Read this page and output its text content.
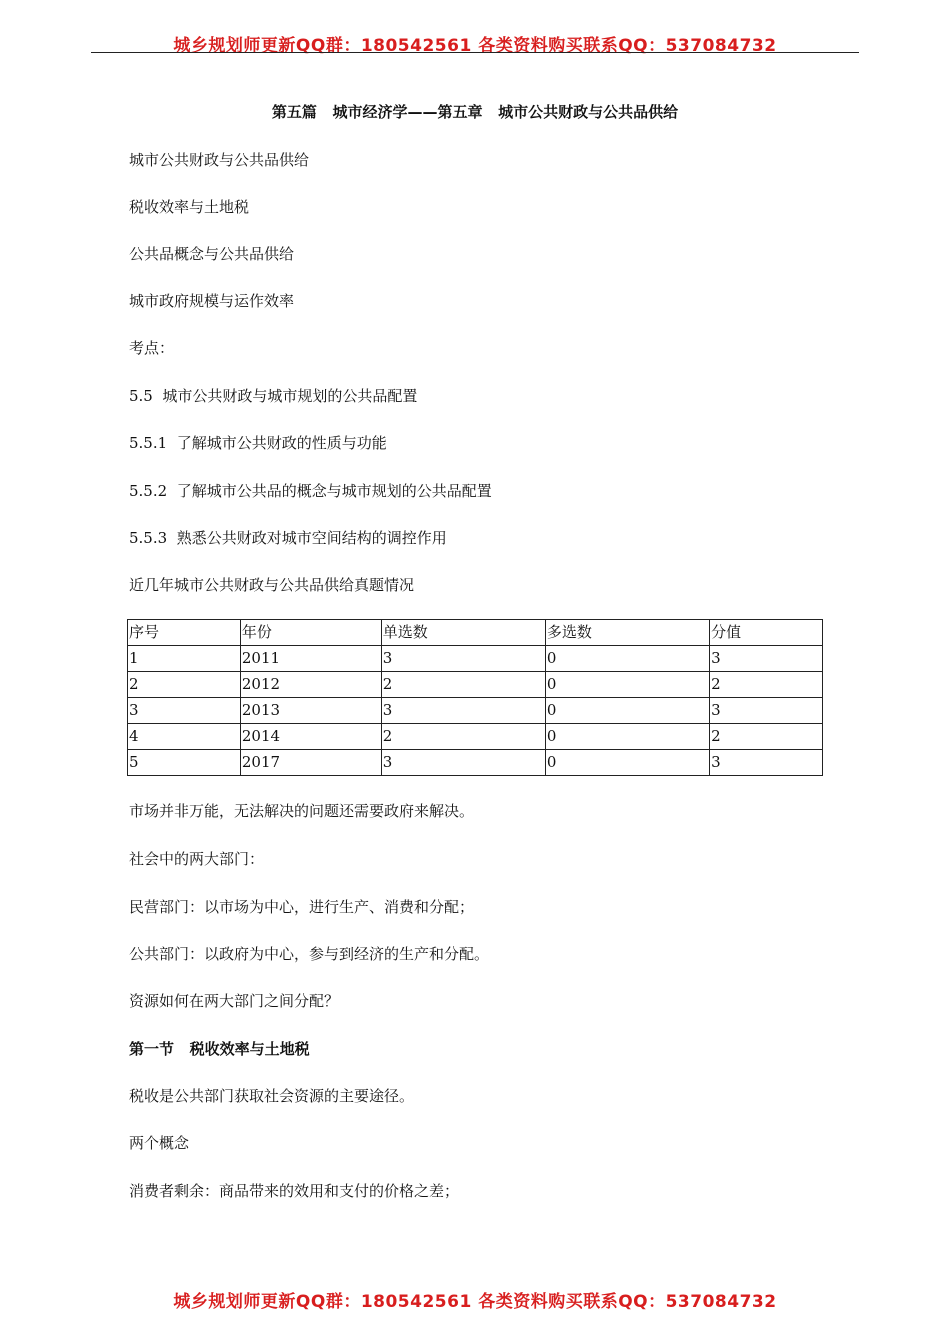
城乡规划师更新QQ群：180542561 各类资料购买联系QQ：537084732
第五篇   城市经济学——第五章   城市公共财政与公共品供给
城市公共财政与公共品供给
税收效率与土地税
公共品概念与公共品供给
城市政府规模与运作效率
考点：
5.5  城市公共财政与城市规划的公共品配置
5.5.1  了解城市公共财政的性质与功能
5.5.2  了解城市公共品的概念与城市规划的公共品配置
5.5.3  熟悉公共财政对城市空间结构的调控作用
近几年城市公共财政与公共品供给真题情况
序号	年份	单选数	多选数	分值
1	2011	3	0	3
2	2012	2	0	2
3	2013	3	0	3
4	2014	2	0	2
5	2017	3	0	3
市场并非万能，无法解决的问题还需要政府来解决。
社会中的两大部门：
民营部门：以市场为中心，进行生产、消费和分配；
公共部门：以政府为中心，参与到经济的生产和分配。
资源如何在两大部门之间分配？
第一节   税收效率与土地税
税收是公共部门获取社会资源的主要途径。
两个概念
消费者剩余：商品带来的效用和支付的价格之差；
城乡规划师更新QQ群：180542561 各类资料购买联系QQ：537084732
